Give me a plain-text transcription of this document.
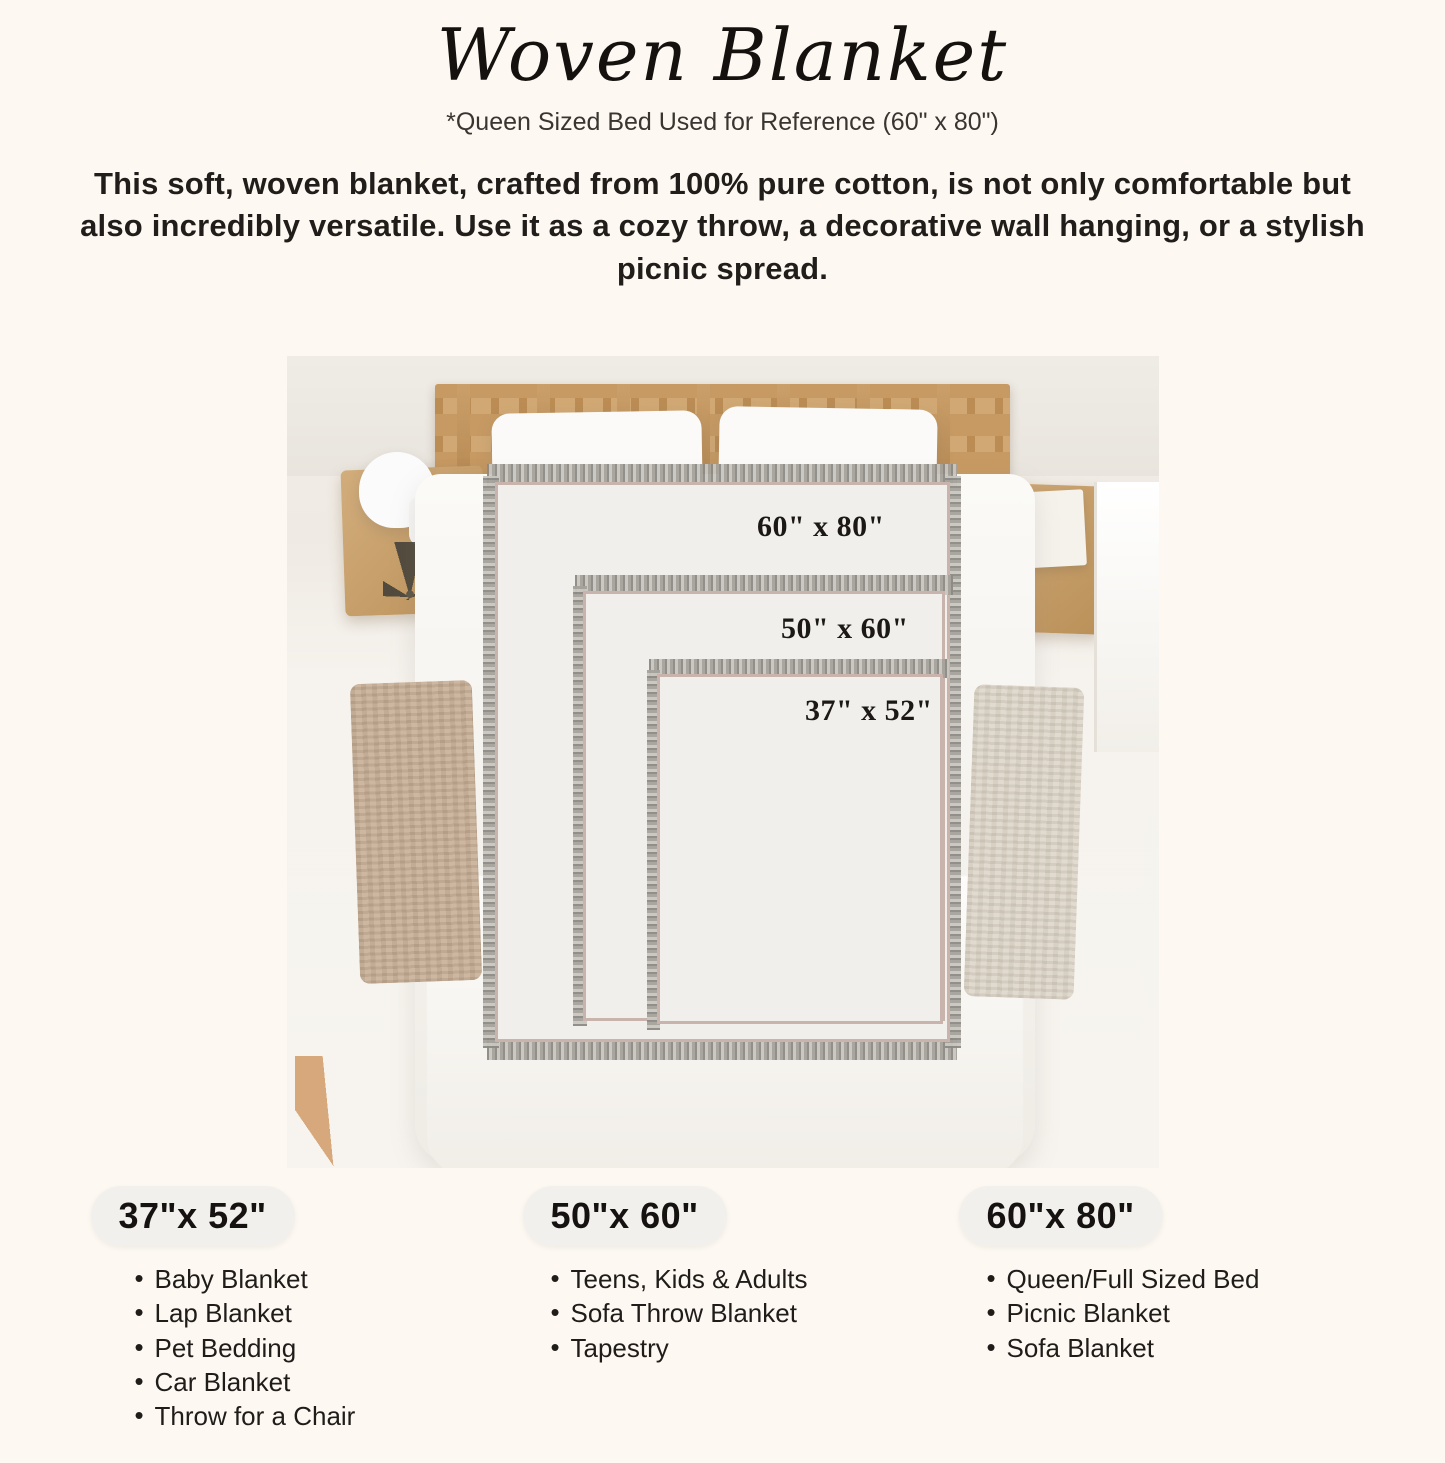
Woven Blanket
*Queen Sized Bed Used for Reference (60" x 80")
This soft, woven blanket, crafted from 100% pure cotton, is not only comfortable but also incredibly versatile. Use it as a cozy throw, a decorative wall hanging, or a stylish picnic spread.
60" x 80"
50" x 60"
37" x 52"
37"x 52"
• Baby Blanket
• Lap Blanket
• Pet Bedding
• Car Blanket
• Throw for a Chair
50"x 60"
• Teens, Kids & Adults
• Sofa Throw Blanket
• Tapestry
60"x 80"
• Queen/Full Sized Bed
• Picnic Blanket
• Sofa Blanket
